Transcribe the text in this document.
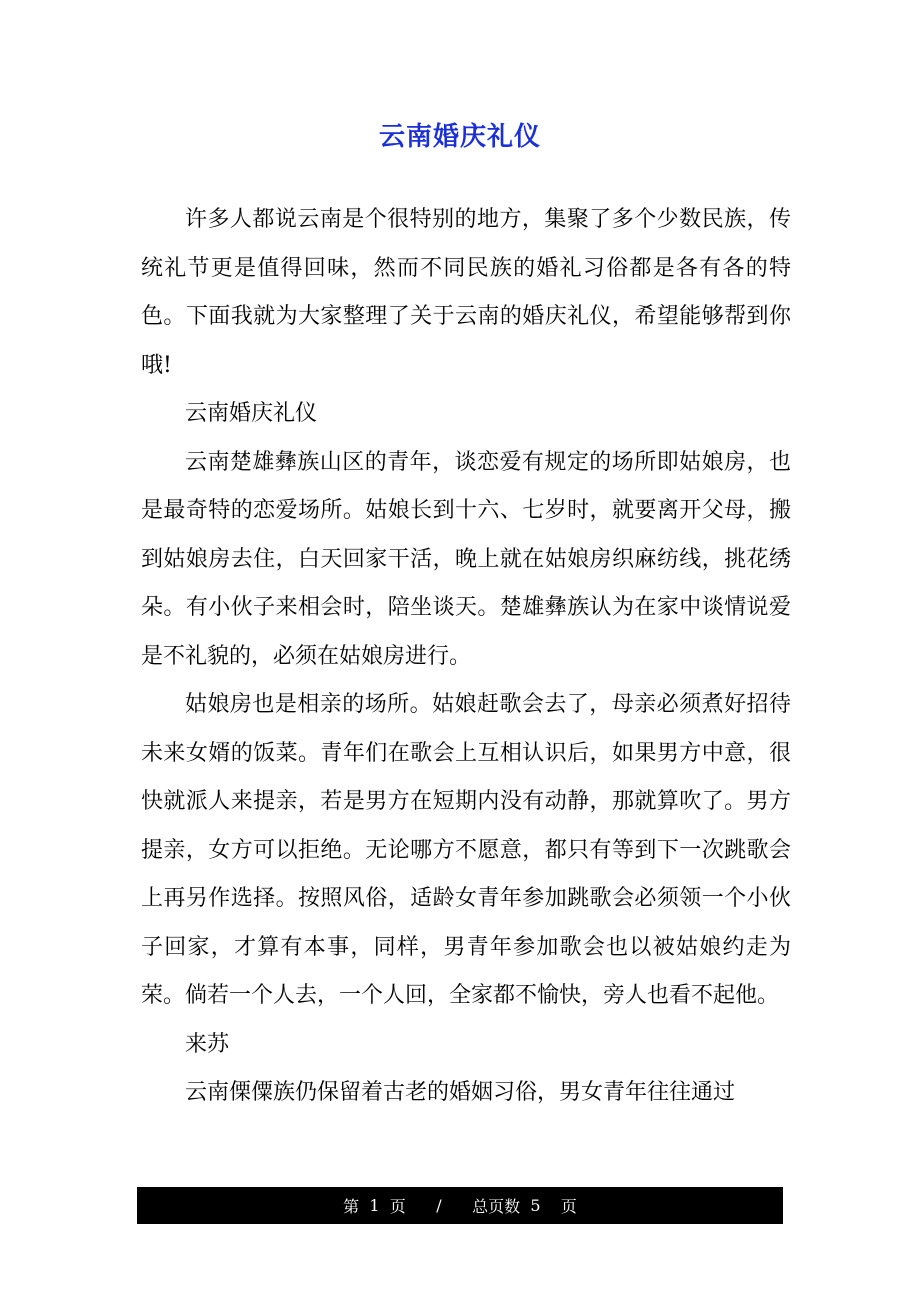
云南婚庆礼仪

许多人都说云南是个很特别的地方，集聚了多个少数民族，传统礼节更是值得回味，然而不同民族的婚礼习俗都是各有各的特色。下面我就为大家整理了关于云南的婚庆礼仪，希望能够帮到你哦!

云南婚庆礼仪

云南楚雄彝族山区的青年，谈恋爱有规定的场所即姑娘房，也是最奇特的恋爱场所。姑娘长到十六、七岁时，就要离开父母，搬到姑娘房去住，白天回家干活，晚上就在姑娘房织麻纺线，挑花绣朵。有小伙子来相会时，陪坐谈天。楚雄彝族认为在家中谈情说爱是不礼貌的，必须在姑娘房进行。

姑娘房也是相亲的场所。姑娘赶歌会去了，母亲必须煮好招待未来女婿的饭菜。青年们在歌会上互相认识后，如果男方中意，很快就派人来提亲，若是男方在短期内没有动静，那就算吹了。男方提亲，女方可以拒绝。无论哪方不愿意，都只有等到下一次跳歌会上再另作选择。按照风俗，适龄女青年参加跳歌会必须领一个小伙子回家，才算有本事，同样，男青年参加歌会也以被姑娘约走为荣。倘若一个人去，一个人回，全家都不愉快，旁人也看不起他。

来苏

云南傈僳族仍保留着古老的婚姻习俗，男女青年往往通过

第
1
页
/
总页数
5
页
